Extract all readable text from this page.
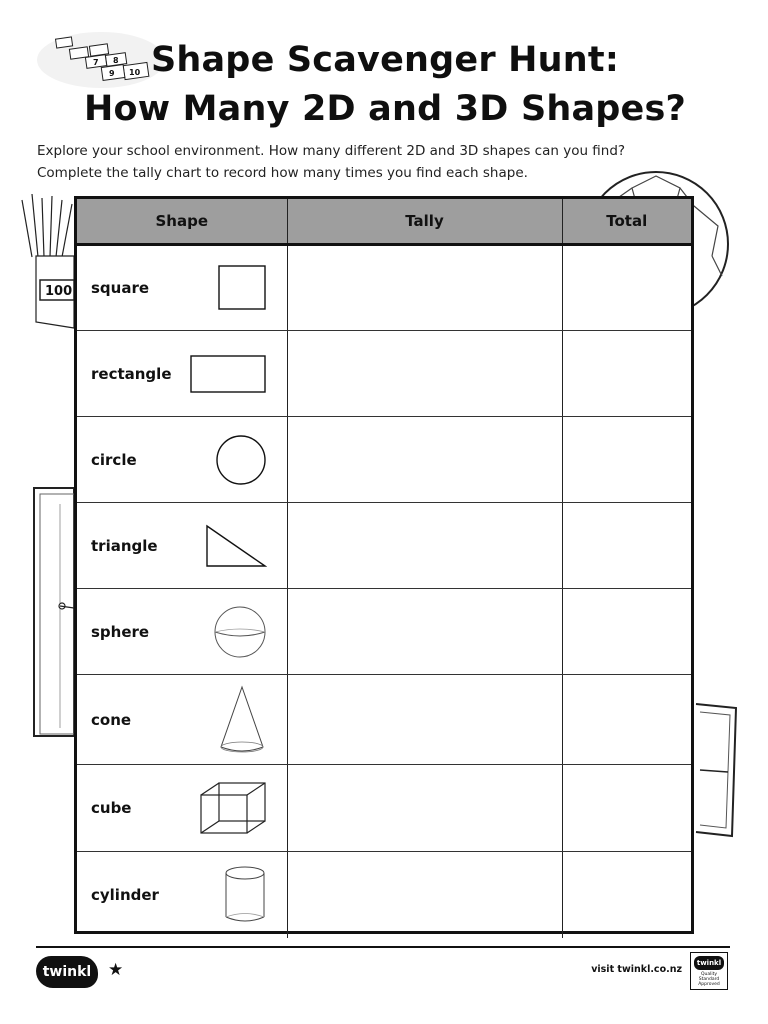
10
9
8
7
100
Shape Scavenger Hunt:
How Many 2D and 3D Shapes?
Explore your school environment. How many different 2D and 3D shapes can you find?
Complete the tally chart to record how many times you find each shape.
Shape	Tally	Total

square		

rectangle		

circle		

triangle		

sphere		

cone		

cube		

cylinder		

twinkl ★	visit twinkl.co.nz
twinkl
Quality Standard Approved
